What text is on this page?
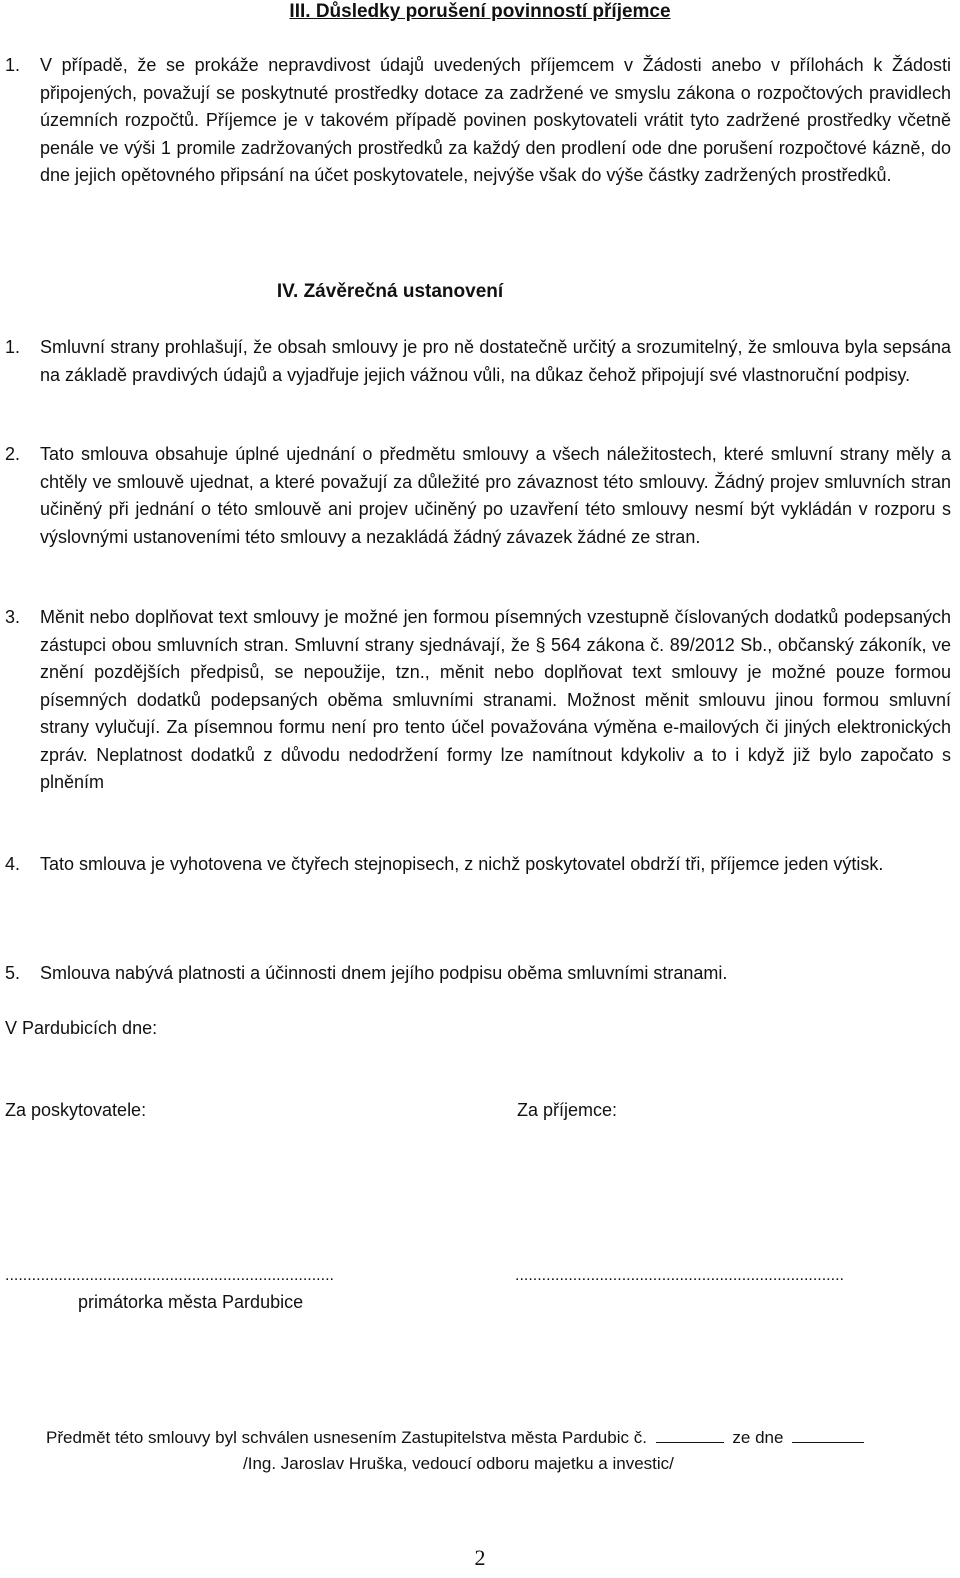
III. Důsledky porušení povinností příjemce
1. V případě, že se prokáže nepravdivost údajů uvedených příjemcem v Žádosti anebo v přílohách k Žádosti připojených, považují se poskytnuté prostředky dotace za zadržené ve smyslu zákona o rozpočtových pravidlech územních rozpočtů. Příjemce je v takovém případě povinen poskytovateli vrátit tyto zadržené prostředky včetně penále ve výši 1 promile zadržovaných prostředků za každý den prodlení ode dne porušení rozpočtové kázně, do dne jejich opětovného připsání na účet poskytovatele, nejvýše však do výše částky zadržených prostředků.
IV. Závěrečná ustanovení
1. Smluvní strany prohlašují, že obsah smlouvy je pro ně dostatečně určitý a srozumitelný, že smlouva byla sepsána na základě pravdivých údajů a vyjadřuje jejich vážnou vůli, na důkaz čehož připojují své vlastnoruční podpisy.
2. Tato smlouva obsahuje úplné ujednání o předmětu smlouvy a všech náležitostech, které smluvní strany měly a chtěly ve smlouvě ujednat, a které považují za důležité pro závaznost této smlouvy. Žádný projev smluvních stran učiněný při jednání o této smlouvě ani projev učiněný po uzavření této smlouvy nesmí být vykládán v rozporu s výslovnými ustanoveními této smlouvy a nezakládá žádný závazek žádné ze stran.
3. Měnit nebo doplňovat text smlouvy je možné jen formou písemných vzestupně číslovaných dodatků podepsaných zástupci obou smluvních stran. Smluvní strany sjednávají, že § 564 zákona č. 89/2012 Sb., občanský zákoník, ve znění pozdějších předpisů, se nepoužije, tzn., měnit nebo doplňovat text smlouvy je možné pouze formou písemných dodatků podepsaných oběma smluvními stranami. Možnost měnit smlouvu jinou formou smluvní strany vylučují. Za písemnou formu není pro tento účel považována výměna e-mailových či jiných elektronických zpráv. Neplatnost dodatků z důvodu nedodržení formy lze namítnout kdykoliv a to i když již bylo započato s plněním
4. Tato smlouva je vyhotovena ve čtyřech stejnopisech, z nichž poskytovatel obdrží tři, příjemce jeden výtisk.
5. Smlouva nabývá platnosti a účinnosti dnem jejího podpisu oběma smluvními stranami.
V Pardubicích dne:
Za poskytovatele:	Za příjemce:
..........................................................................	..........................................................................
primátorka města Pardubice
Předmět této smlouvy byl schválen usnesením Zastupitelstva města Pardubic č.	ze dne
/Ing. Jaroslav Hruška, vedoucí odboru majetku a investic/
2
